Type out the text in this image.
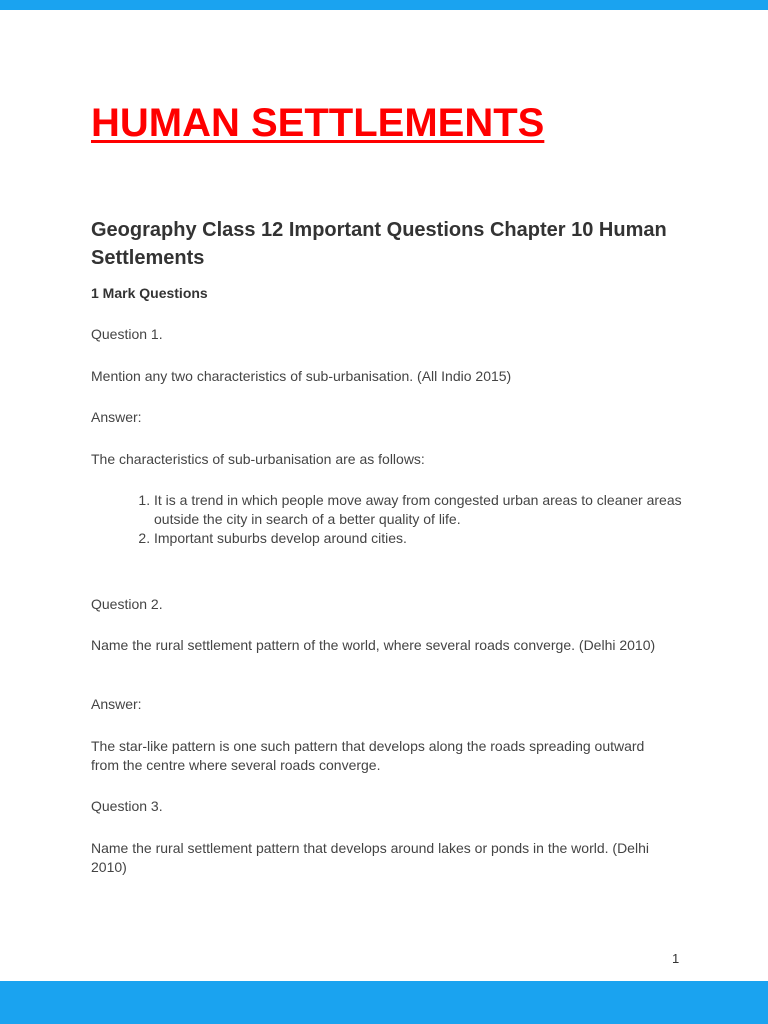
HUMAN SETTLEMENTS
Geography Class 12 Important Questions Chapter 10 Human Settlements

1 Mark Questions

Question 1.

Mention any two characteristics of sub-urbanisation. (All Indio 2015)

Answer:

The characteristics of sub-urbanisation are as follows:

1. It is a trend in which people move away from congested urban areas to cleaner areas outside the city in search of a better quality of life.
2. Important suburbs develop around cities.

Question 2.

Name the rural settlement pattern of the world, where several roads converge. (Delhi 2010)

Answer:

The star-like pattern is one such pattern that develops along the roads spreading outward from the centre where several roads converge.

Question 3.

Name the rural settlement pattern that develops around lakes or ponds in the world. (Delhi 2010)

1
